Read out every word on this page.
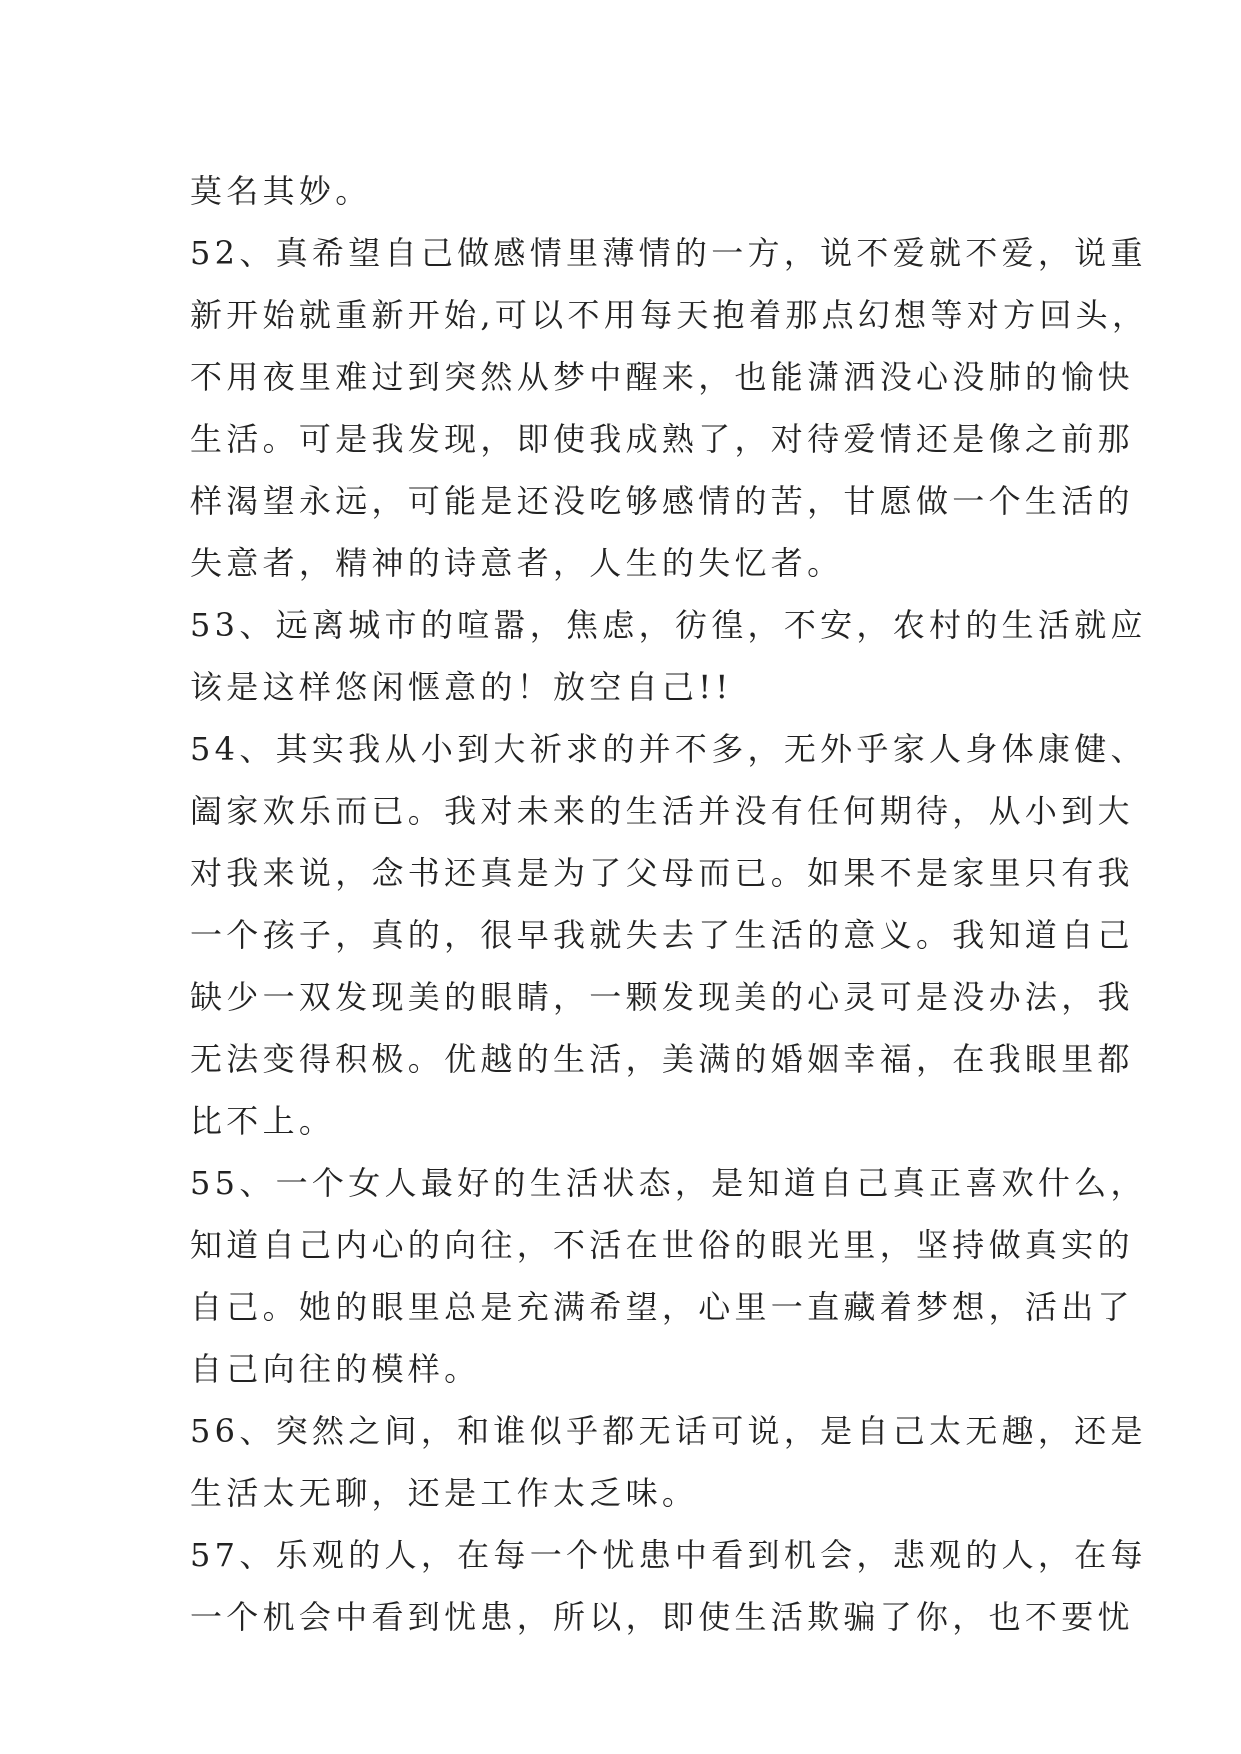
莫名其妙。
52、真希望自己做感情里薄情的一方，说不爱就不爱，说重
新开始就重新开始,可以不用每天抱着那点幻想等对方回头，
不用夜里难过到突然从梦中醒来，也能潇洒没心没肺的愉快
生活。可是我发现，即使我成熟了，对待爱情还是像之前那
样渴望永远，可能是还没吃够感情的苦，甘愿做一个生活的
失意者，精神的诗意者，人生的失忆者。
53、远离城市的喧嚣，焦虑，彷徨，不安，农村的生活就应
该是这样悠闲惬意的！放空自己!!
54、其实我从小到大祈求的并不多，无外乎家人身体康健、
阖家欢乐而已。我对未来的生活并没有任何期待，从小到大
对我来说，念书还真是为了父母而已。如果不是家里只有我
一个孩子，真的，很早我就失去了生活的意义。我知道自己
缺少一双发现美的眼睛，一颗发现美的心灵可是没办法，我
无法变得积极。优越的生活，美满的婚姻幸福，在我眼里都
比不上。
55、一个女人最好的生活状态，是知道自己真正喜欢什么，
知道自己内心的向往，不活在世俗的眼光里，坚持做真实的
自己。她的眼里总是充满希望，心里一直藏着梦想，活出了
自己向往的模样。
56、突然之间，和谁似乎都无话可说，是自己太无趣，还是
生活太无聊，还是工作太乏味。
57、乐观的人，在每一个忧患中看到机会，悲观的人，在每
一个机会中看到忧患，所以，即使生活欺骗了你，也不要忧
